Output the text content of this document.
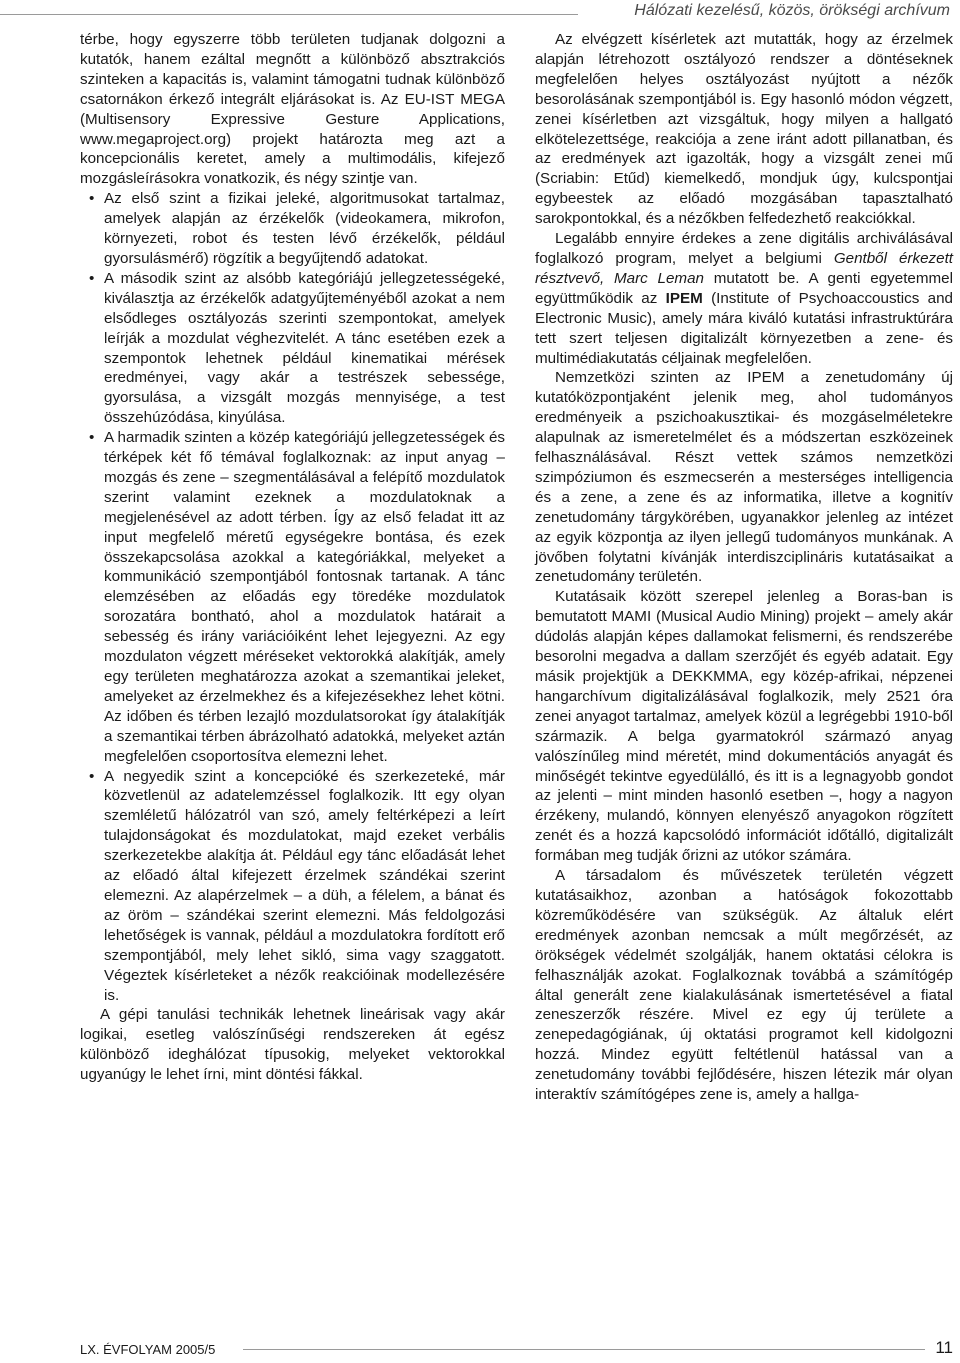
Hálózati kezelésű, közös, örökségi archívum

térbe, hogy egyszerre több területen tudjanak dolgozni a kutatók, hanem ezáltal megnőtt a különböző absztrakciós szinteken a kapacitás is, valamint támogatni tudnak különböző csatornákon érkező integrált eljárásokat is. Az EU-IST MEGA (Multisensory Expressive Gesture Applications, www.megaproject.org) projekt határozta meg azt a koncepcionális keretet, amely a multimodális, kifejező mozgásleírásokra vonatkozik, és négy szintje van.

• Az első szint a fizikai jeleké, algoritmusokat tartalmaz, amelyek alapján az érzékelők (videokamera, mikrofon, környezeti, robot és testen lévő érzékelők, például gyorsulásmérő) rögzítik a begyűjtendő adatokat.
• A második szint az alsóbb kategóriájú jellegzetességeké, kiválasztja az érzékelők adatgyűjteményéből azokat a nem elsődleges osztályozás szerinti szempontokat, amelyek leírják a mozdulat véghezvitelét. A tánc esetében ezek a szempontok lehetnek például kinematikai mérések eredményei, vagy akár a testrészek sebessége, gyorsulása, a vizsgált mozgás mennyisége, a test összehúzódása, kinyúlása.
• A harmadik szinten a közép kategóriájú jellegzetességek és térképek két fő témával foglalkoznak: az input anyag – mozgás és zene – szegmentálásával a felépítő mozdulatok szerint valamint ezeknek a mozdulatoknak a megjelenésével az adott térben. Így az első feladat itt az input megfelelő méretű egységekre bontása, és ezek összekapcsolása azokkal a kategóriákkal, melyeket a kommunikáció szempontjából fontosnak tartanak. A tánc elemzésében az előadás egy töredéke mozdulatok sorozatára bontható, ahol a mozdulatok határait a sebesség és irány variációiként lehet lejegyezni. Az egy mozdulaton végzett méréseket vektorokká alakítják, amely egy területen meghatározza azokat a szemantikai jeleket, amelyeket az érzelmekhez és a kifejezésekhez lehet kötni. Az időben és térben lezajló mozdulatsorokat így átalakítják a szemantikai térben ábrázolható adatokká, melyeket aztán megfelelően csoportosítva elemezni lehet.
• A negyedik szint a koncepcióké és szerkezeteké, már közvetlenül az adatelemzéssel foglalkozik. Itt egy olyan szemléletű hálózatról van szó, amely feltérképezi a leírt tulajdonságokat és mozdulatokat, majd ezeket verbális szerkezetekbe alakítja át. Például egy tánc előadását lehet az előadó által kifejezett érzelmek szándékai szerint elemezni. Az alapérzelmek – a düh, a félelem, a bánat és az öröm – szándékai szerint elemezni. Más feldolgozási lehetőségek is vannak, például a mozdulatokra fordított erő szempontjából, mely lehet sikló, sima vagy szaggatott. Végeztek kísérleteket a nézők reakcióinak modellezésére is.

A gépi tanulási technikák lehetnek lineárisak vagy akár logikai, esetleg valószínűségi rendszereken át egész különböző ideghálózat típusokig, melyeket vektorokkal ugyanúgy le lehet írni, mint döntési fákkal.

Az elvégzett kísérletek azt mutatták, hogy az érzelmek alapján létrehozott osztályozó rendszer a döntéseknek megfelelően helyes osztályozást nyújtott a nézők besorolásának szempontjából is. Egy hasonló módon végzett, zenei kísérletben azt vizsgáltuk, hogy milyen a hallgató elkötelezettsége, reakciója a zene iránt adott pillanatban, és az eredmények azt igazolták, hogy a vizsgált zenei mű (Scriabin: Etűd) kiemelkedő, mondjuk úgy, kulcspontjai egybeestek az előadó mozgásában tapasztalható sarokpontokkal, és a nézőkben felfedezhető reakciókkal.

Legalább ennyire érdekes a zene digitális archiválásával foglalkozó program, melyet a belgiumi Gentből érkezett résztvevő, Marc Leman mutatott be. A genti egyetemmel együttműködik az IPEM (Institute of Psychoaccoustics and Electronic Music), amely mára kiváló kutatási infrastruktúrára tett szert teljesen digitalizált környezetben a zene- és multimédiakutatás céljainak megfelelően.

Nemzetközi szinten az IPEM a zenetudomány új kutatóközpontjaként jelenik meg, ahol tudományos eredményeik a pszichoakusztikai- és mozgáselméletekre alapulnak az ismeretelmélet és a módszertan eszközeinek felhasználásával. Részt vettek számos nemzetközi szimpóziumon és eszmecserén a mesterséges intelligencia és a zene, a zene és az informatika, illetve a kognitív zenetudomány tárgykörében, ugyanakkor jelenleg az intézet az egyik központja az ilyen jellegű tudományos munkának. A jövőben folytatni kívánják interdiszciplináris kutatásaikat a zenetudomány területén.

Kutatásaik között szerepel jelenleg a Boras-ban is bemutatott MAMI (Musical Audio Mining) projekt – amely akár dúdolás alapján képes dallamokat felismerni, és rendszerébe besorolni megadva a dallam szerzőjét és egyéb adatait. Egy másik projektjük a DEKKMMA, egy közép-afrikai, népzenei hangarchívum digitalizálásával foglalkozik, mely 2521 óra zenei anyagot tartalmaz, amelyek közül a legrégebbi 1910-ből származik. A belga gyarmatokról származó anyag valószínűleg mind méretét, mind dokumentációs anyagát és minőségét tekintve egyedülálló, és itt is a legnagyobb gondot az jelenti – mint minden hasonló esetben –, hogy a nagyon érzékeny, mulandó, könnyen elenyésző anyagokon rögzített zenét és a hozzá kapcsolódó információt időtálló, digitalizált formában meg tudják őrizni az utókor számára.

A társadalom és művészetek területén végzett kutatásaikhoz, azonban a hatóságok fokozottabb közreműködésére van szükségük. Az általuk elért eredmények azonban nemcsak a múlt megőrzését, az örökségek védelmét szolgálják, hanem oktatási célokra is felhasználják azokat. Foglalkoznak továbbá a számítógép által generált zene kialakulásának ismertetésével a fiatal zeneszerzők részére. Mivel ez egy új területe a zenepedagógiának, új oktatási programot kell kidolgozni hozzá. Mindez együtt feltétlenül hatással van a zenetudomány további fejlődésére, hiszen létezik már olyan interaktív számítógépes zene is, amely a hallga-

LX. ÉVFOLYAM 2005/5	11
